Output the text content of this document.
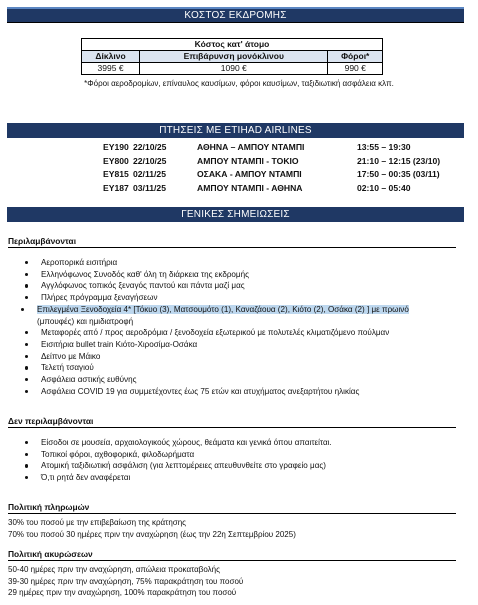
ΚΟΣΤΟΣ ΕΚΔΡΟΜΗΣ
Κόστος κατ' άτομο		
Δίκλινο	Επιβάρυνση μονόκλινου	Φόροι*
3995 €	1090 €	990 €
*Φόροι αεροδρομίων, επίναυλος καυσίμων, φόροι καυσίμων, ταξιδιωτική ασφάλεια κλπ.
ΠΤΗΣΕΙΣ ΜΕ ETIHAD AIRLINES
EY190 22/10/25	ΑΘΗΝΑ – ΑΜΠΟΥ ΝΤΑΜΠΙ	13:55 – 19:30
EY800 22/10/25	ΑΜΠΟΥ ΝΤΑΜΠΙ - ΤΟΚΙΟ	21:10 – 12:15 (23/10)
EY815 02/11/25	ΟΣΑΚΑ - ΑΜΠΟΥ ΝΤΑΜΠΙ	17:50 – 00:35 (03/11)
EY187 03/11/25	ΑΜΠΟΥ ΝΤΑΜΠΙ - ΑΘΗΝΑ	02:10 – 05:40
ΓΕΝΙΚΕΣ ΣΗΜΕΙΩΣΕΙΣ
Περιλαμβάνονται
Αεροπορικά εισιτήρια
Ελληνόφωνος Συνοδός καθ' όλη τη διάρκεια της εκδρομής
Αγγλόφωνος τοπικός ξεναγός παντού και πάντα μαζί μας
Πλήρες πρόγραμμα ξεναγήσεων
Επιλεγμένα Ξενοδοχεία 4* [Τόκυο (3), Ματσουμότο (1), Καναζάουα (2), Κιότο (2), Οσάκα (2) ] με πρωινό
(μπουφές) και ημιδιατροφή
Μεταφορές από / προς αεροδρόμια / ξενοδοχεία εξωτερικού με πολυτελές κλιματιζόμενο πούλμαν
Εισιτήρια bullet train Κιότο-Χιροσίμα-Οσάκα
Δείπνο με Μάικο
Τελετή τσαγιού
Ασφάλεια αστικής ευθύνης
Ασφάλεια COVID 19 για συμμετέχοντες έως 75 ετών και ατυχήματος ανεξαρτήτου ηλικίας
Δεν περιλαμβάνονται
Είσοδοι σε μουσεία, αρχαιολογικούς χώρους, θεάματα και γενικά όπου απαιτείται.
Τοπικοί φόροι, αχθοφορικά, φιλοδωρήματα
Ατομική ταξιδιωτική ασφάλιση (για λεπτομέρειες απευθυνθείτε στο γραφείο μας)
Ό,τι ρητά δεν αναφέρεται
Πολιτική πληρωμών
30% του ποσού με την επιβεβαίωση της κράτησης
70% του ποσού 30 ημέρες πριν την αναχώρηση (έως την 22η Σεπτεμβρίου 2025)
Πολιτική ακυρώσεων
50-40 ημέρες πριν την αναχώρηση, απώλεια προκαταβολής
39-30 ημέρες πριν την αναχώρηση, 75% παρακράτηση του ποσού
29 ημέρες πριν την αναχώρηση, 100% παρακράτηση του ποσού
